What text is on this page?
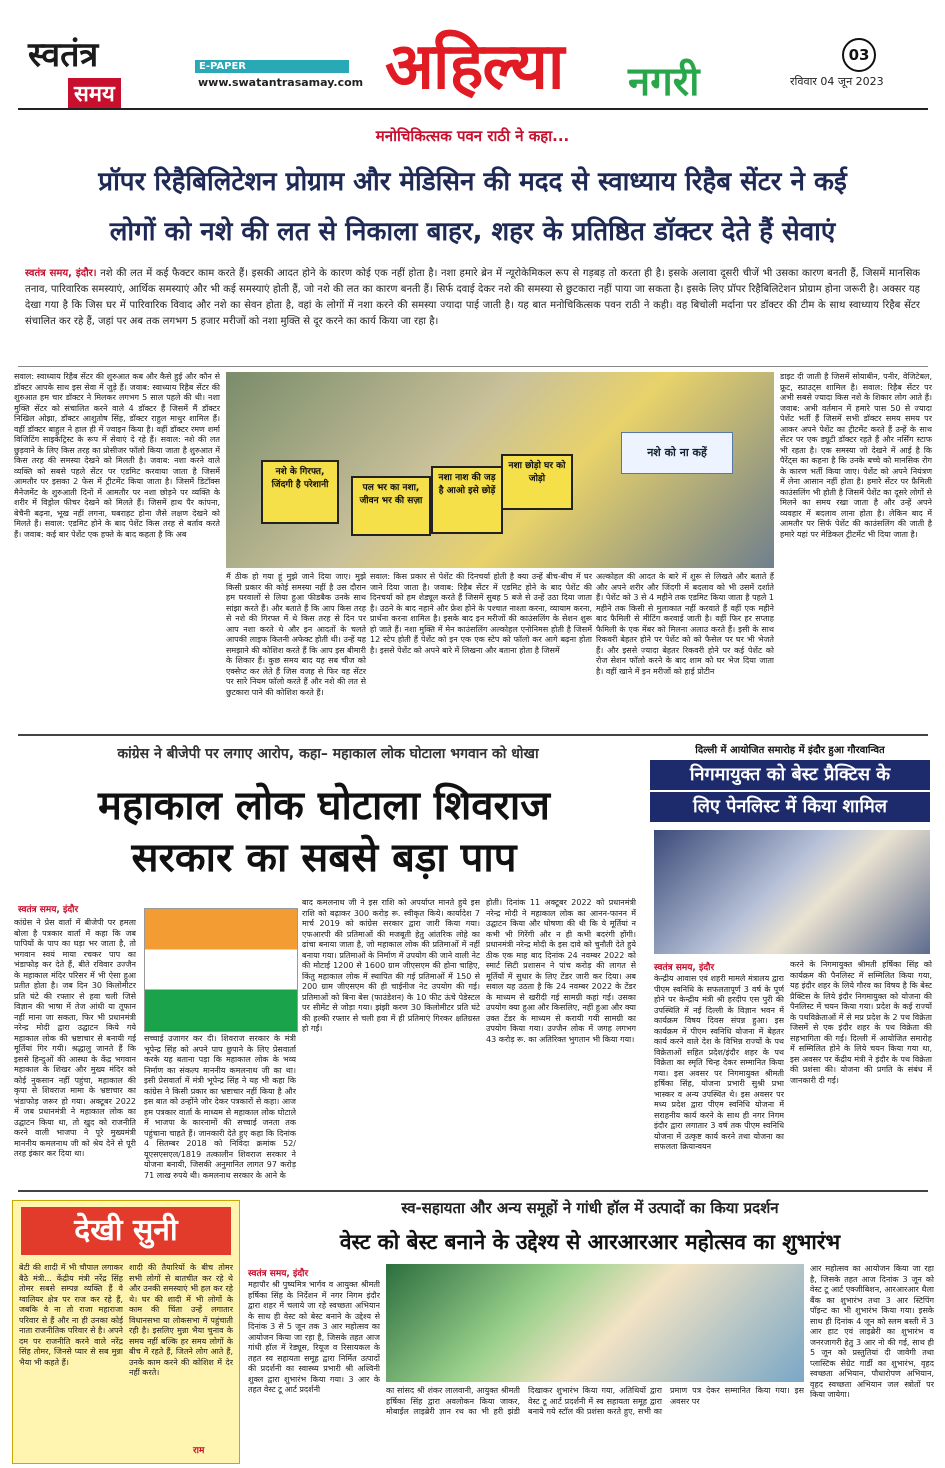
स्वतंत्र
समय
E-PAPER
www.swatantrasamay.com अहिल्या नगरी
03
रविवार 04 जून 2023
मनोचिकित्सक पवन राठी ने कहा...
प्रॉपर रिहैबिलिटेशन प्रोग्राम और मेडिसिन की मदद से स्वाध्याय रिहैब सेंटर ने कई
लोगों को नशे की लत से निकाला बाहर, शहर के प्रतिष्ठित डॉक्टर देते हैं सेवाएं
स्वतंत्र समय, इंदौर। नशे की लत में कई फैक्टर काम करते हैं। इसकी आदत होने के कारण कोई एक नहीं होता है। नशा हमारे ब्रेन में न्यूरोकेमिकल रूप से गड़बड़ तो करता ही है। इसके अलावा दूसरी चीजें भी उसका कारण बनती हैं, जिसमें मानसिक तनाव, पारिवारिक समस्याएं, आर्थिक समस्याएं और भी कई समस्याएं होती हैं, जो नशे की लत का कारण बनती हैं। सिर्फ दवाई देकर नशे की समस्या से छुटकारा नहीं पाया जा सकता है। इसके लिए प्रॉपर रिहैबिलिटेशन प्रोग्राम होना जरूरी है। अक्सर यह देखा गया है कि जिस घर में पारिवारिक विवाद और नशे का सेवन होता है, वहां के लोगों में नशा करने की समस्या ज्यादा पाई जाती है। यह बात मनोचिकित्सक पवन राठी ने कही। वह बिचोली मर्दाना पर डॉक्टर की टीम के साथ स्वाध्याय रिहैब सेंटर संचालित कर रहे हैं, जहां पर अब तक लगभग 5 हजार मरीजों को नशा मुक्ति से दूर करने का कार्य किया जा रहा है।
सवाल: स्वाध्याय रिहैब सेंटर की शुरुआत कब और कैसे हुई और कौन से डॉक्टर आपके साथ इस सेवा में जुड़े हैं। जवाब: स्वाध्याय रिहैब सेंटर की शुरुआत हम चार डॉक्टर ने मिलकर लगभग 5 साल पहले की थी। नशा मुक्ति सेंटर को संचालित करने वाले 4 डॉक्टर हैं जिसमें मैं डॉक्टर निखिल ओझा, डॉक्टर आशुतोष सिंह, डॉक्टर राहुल माथुर शामिल हैं। वहीं डॉक्टर बाहुल ने हाल ही में ज्वाइन किया है। वहीं डॉक्टर रमण शर्मा विजिटिंग साइकेट्रिस्ट के रूप में सेवाएं दे रहे हैं। सवाल: नशे की लत छुड़वाने के लिए किस तरह का प्रोसीजर फॉलो किया जाता है शुरुआत में किस तरह की समस्या देखने को मिलती है। जवाब: नशा करने वाले व्यक्ति को सबसे पहले सेंटर पर एडमिट करवाया जाता है जिसमें आमतौर पर इसका 2 फेस में ट्रीटमेंट किया जाता है। जिसमें डिटॉक्स मैनेजमेंट के शुरुआती दिनों में आमतौर पर नशा छोड़ने पर व्यक्ति के शरीर में विड्रोल फीचर देखने को मिलते हैं। जिसमें हाथ पैर कांपना, बेचैनी बढ़ना, भूख नहीं लगना, घबराहट होना जैसे लक्षण देखने को मिलते हैं। सवाल: एडमिट होने के बाद पेशेंट किस तरह से बर्ताव करते हैं। जवाब: कई बार पेशेंट एक हफ्ते के बाद कहता है कि अब
नशे के गिरफ्त, जिंदगी है परेशानी	पल भर का नशा, जीवन भर की सज़ा
नशा नाश की जड़ है आओ इसे छोड़ें
नशा छोड़ो घर को जोड़ो
नशे को ना कहें
मैं ठीक हो गया हूं मुझे जाने दिया जाए। मुझे किसी प्रकार की कोई समस्या नहीं है उस दौरान हम घरवालों से लिया हुआ फीडबैक उनके साथ सांझा करते हैं। और बताते हैं कि आप किस तरह से नशे की गिरफ्त में थे किस तरह से दिन पर आप नशा करते थे और इन आदतों के चलते आपकी लाइफ कितनी अफेक्ट होती थी। उन्हें यह समझाने की कोशिश करते हैं कि आप इस बीमारी के शिकार हैं। कुछ समय बाद यह सब चीज को एक्सेप्ट कर लेते हैं जिस वजह से फिर वह सेंटर पर सारे नियम फॉलो करते हैं और नशे की लत से छुटकारा पाने की कोशिश करते हैं।
सवाल: किस प्रकार से पेशेंट की दिनचर्या होती है क्या उन्हें बीच-बीच में घर जाने दिया जाता है। जवाब: रिहैब सेंटर में एडमिट होने के बाद पेशेंट की दिनचर्या को हम शेड्यूल करते हैं जिसमें सुबह 5 बजे से उन्हें उठा दिया जाता है। उठने के बाद नहाने और फ्रेश होने के पश्चात नाश्ता करना, व्यायाम करना, प्रार्थना करना शामिल है। इसके बाद इन मरीजों की काउंसलिंग के सेशन शुरू हो जाते हैं। नशा मुक्ति में मेन काउंसलिंग अल्कोहल एनोनिमस होती है जिसमें 12 स्टेप होती हैं पेशेंट को इन एक एक स्टेप को फॉलो कर आगे बढ़ना होता है। इससे पेशेंट को अपने बारे में लिखना और बताना होता है जिसमें
अल्कोहल की आदत के बारे में शुरू से लिखते और बताते हैं और अपने शरीर और जिंदगी में बदलाव को भी उसमें दर्शाते हैं। पेशेंट को 3 से 4 महीने तक एडमिट किया जाता है पहले 1 महीने तक किसी से मुलाकात नहीं करवाते हैं वहीं एक महीने बाद फैमिली से मीटिंग करवाई जाती है। वहीं फिर हर सप्ताह फैमिली के एक मेंबर को मिलना अलाउ करते हैं। इसी के साथ रिकवरी बेहतर होने पर पेशेंट को को फैसेल पर घर भी भेजते हैं। और इससे ज्यादा बेहतर रिकवरी होने पर कई पेशेंट को रोज सेशन फॉलो करने के बाद शाम को घर भेज दिया जाता है। वहीं खाने में इन मरीजों को हाई प्रोटीन
डाइट दी जाती है जिसमें सोयाबीन, पनीर, वेजिटेबल, फ्रूट, स्प्राउट्स शामिल है। सवाल: रिहैब सेंटर पर अभी सबसे ज्यादा किस नशे के शिकार लोग आते हैं। जवाब: अभी वर्तमान में हमारे पास 50 से ज्यादा पेशेंट भर्ती हैं जिसमें सभी डॉक्टर समय समय पर आकर अपने पेशेंट का ट्रीटमेंट करते हैं उन्हें के साथ सेंटर पर एक ड्यूटी डॉक्टर रहते हैं और नर्सिंग स्टाफ भी रहता है। एक समस्या जो देखने में आई है कि पैरेंट्स का कहना है कि उनके बच्चे को मानसिक रोग के कारण भर्ती किया जाए। पेशेंट को अपने नियंत्रण में लेना आसान नहीं होता है। हमारे सेंटर पर फ़ैमिली काउंसलिंग भी होती है जिसमें पेशेंट का दूसरे लोगों से मिलने का समय रखा जाता है और उन्हें अपने व्यवहार में बदलाव लाना होता है। लेकिन बाद में आमतौर पर सिर्फ पेशेंट की काउंसलिंग की जाती है हमारे यहां पर मेडिकल ट्रीटमेंट भी दिया जाता है।
कांग्रेस ने बीजेपी पर लगाए आरोप, कहा– महाकाल लोक घोटाला भगवान को धोखा
महाकाल लोक घोटाला शिवराज
सरकार का सबसे बड़ा पाप
स्वतंत्र समय, इंदौर
कांग्रेस ने प्रेस वार्ता में बीजेपी पर हमला बोला है पत्रकार वार्ता में कहा कि जब पापियों के पाप का घड़ा भर जाता है, तो भगवान स्वयं माया रचकर पाप का भंडाफोड़ कर देते हैं, बीते रविवार उज्जैन के महाकाल मंदिर परिसर में भी ऐसा हुआ प्रतीत होता है। जब दिन 30 किलोमीटर प्रति घंटे की रफ्तार से हवा चली जिसे विज्ञान की भाषा में तेज आंधी या तूफान नहीं माना जा सकता, फिर भी प्रधानमंत्री नरेन्द्र मोदी द्वारा उद्घाटन किये गये महाकाल लोक की भ्रष्टाचार से बनायी गई मूर्तियां गिर गयी। श्रद्धालु जानते हैं कि इससे हिन्दुओं की आस्था के केंद्र भगवान महाकाल के शिखर और मुख्य मंदिर को कोई नुकसान नहीं पहुंचा, महाकाल की कृपा से शिवराज मामा के भ्रष्टाचार का भंडाफोड़ जरूर हो गया। अक्टूबर 2022 में जब प्रधानमंत्री ने महाकाल लोक का उद्घाटन किया था, तो खुद को राजनीति करने वाली भाजपा ने पूरे मुख्यमंत्री माननीय कमलनाथ जी को श्रेय देने से पूरी तरह इंकार कर दिया था।
सच्चाई उजागर कर दी। शिवराज सरकार के मंत्री भूपेन्द्र सिंह को अपने पाप छुपाने के लिए प्रेसवार्ता करके यह बताना पड़ा कि महाकाल लोक के भव्य निर्माण का संकल्प माननीय कमलनाथ जी का था। इसी प्रेसवार्ता में मंत्री भूपेन्द्र सिंह ने यह भी कहा कि कांग्रेस ने किसी प्रकार का भ्रष्टाचार नहीं किया है और इस बात को उन्होंने जोर देकर पत्रकारों से कहा। आज हम पत्रकार वार्ता के माध्यम से महाकाल लोक घोटाले में भाजपा के कारनामों की सच्चाई जनता तक पहुंचाना चाहते हैं। जानकारी देते हुए कहा कि दिनांक 4 सितम्बर 2018 को निविदा क्रमांक 52/ यूएसएसएल/1819 तत्कालीन शिवराज सरकार ने योजना बनायी, जिसकी अनुमानित लागत 97 करोड़ 71 लाख रुपये थी। कमलनाथ सरकार के आने के
बाद कमलनाथ जी ने इस राशि को अपर्याप्त मानते हुये इस राशि को बढ़ाकर 300 करोड़ रू. स्वीकृत किये। कार्यादेश 7 मार्च 2019 को कांग्रेस सरकार द्वारा जारी किया गया। एफआरपी की प्रतिमाओं की मजबूती हेतु आंतरिक लोहे का ढांचा बनाया जाता है, जो महाकाल लोक की प्रतिमाओं में नहीं बनाया गया। प्रतिमाओं के निर्माण में उपयोग की जाने वाली नेट की मोटाई 1200 से 1600 ग्राम जीएसएम की होना चाहिए, किंतु महाकाल लोक में स्थापित की गई प्रतिमाओं में 150 से 200 ग्राम जीएसएम की ही चाईनीज नेट उपयोग की गई। प्रतिमाओं को बिना बेस (फाउंडेशन) के 10 फीट ऊंचे पेडेस्टल पर सीमेंट से जोड़ा गया। झंझी करण 30 किलोमीटर प्रति घंटे की हल्की रफ्तार से चली हवा में ही प्रतिमाएं गिरकर क्षतिग्रस्त हो गईं।
होती। दिनांक 11 अक्टूबर 2022 को प्रधानमंत्री नरेन्द्र मोदी ने महाकाल लोक का आनन-फानन में उद्घाटन किया और घोषणा की थी कि ये मूर्तियां न कभी भी गिरेंगी और न ही कभी बदरंगी होंगी। प्रधानमंत्री नरेन्द्र मोदी के इस दावे को चुनौती देते हुये ठीक एक माह बाद दिनांक 24 नवम्बर 2022 को स्मार्ट सिटी प्रशासन ने पांच करोड़ की लागत से मूर्तियों में सुधार के लिए टेंडर जारी कर दिया। अब सवाल यह उठता है कि 24 नवम्बर 2022 के टेंडर के माध्यम से खरीदी गई सामग्री कहां गई। उसका उपयोग क्या हुआ और किसलिए, नहीं हुआ और क्या उक्त टेंडर के माध्यम से करायी गयी सामग्री का उपयोग किया गया। उज्जैन लोक में जगह लगभग 43 करोड़ रू. का अतिरिक्त भुगतान भी किया गया।
दिल्ली में आयोजित समारोह में इंदौर हुआ गौरवान्वित
निगमायुक्त को बेस्ट प्रैक्टिस के
लिए पेनलिस्ट में किया शामिल
स्वतंत्र समय, इंदौर
केन्द्रीय आवास एवं शहरी मामले मंत्रालय द्वारा पीएम स्वनिधि के सफलतापूर्ण 3 वर्ष के पूर्ण होने पर केन्द्रीय मंत्री श्री हरदीप एस पुरी की उपस्थिति में नई दिल्ली के विज्ञान भवन में कार्यक्रम विषय दिवस संपन्न हुआ। इस कार्यक्रम में पीएम स्वनिधि योजना में बेहतर कार्य करने वाले देश के विभिन्न राज्यों के पथ विक्रेताओं सहित प्रदेश/इंदौर शहर के पथ विक्रेता का स्मृति चिन्ह देकर सम्मानित किया गया। इस अवसर पर निगमायुक्त श्रीमती हर्षिका सिंह, योजना प्रभारी सुश्री प्रभा भास्कर व अन्य उपस्थित थे। इस अवसर पर मध्य प्रदेश द्वारा पीएम स्वनिधि योजना में सराहनीय कार्य करने के साथ ही नगर निगम इंदौर द्वारा लगातार 3 वर्ष तक पीएम स्वनिधि योजना में उत्कृष्ट कार्य करने तथा योजना का सफलता क्रियान्वयन
करने के निगमायुक्त श्रीमती हर्षिका सिंह को कार्यक्रम की पैनलिस्ट में सम्मिलित किया गया, यह इंदौर शहर के लिये गौरव का विषय है कि बेस्ट प्रैक्टिस के लिये इंदौर निगमायुक्त को योजना की पैनलिस्ट में चयन किया गया। प्रदेश के कई राज्यों के पथविक्रेताओं में से मप्र प्रदेश के 2 पथ विक्रेता जिसमें से एक इंदौर शहर के पथ विक्रेता की सहभागिता की गई। दिल्ली में आयोजित समारोह में सम्मिलित होने के लिये चयन किया गया था, इस अवसर पर केंद्रीय मंत्री ने इंदौर के पथ विक्रेता की प्रशंसा की। योजना की प्रगति के संबंध में जानकारी दी गई।
देखी सुनी
बेटी की शादी में भी चौपाल लगाकर बैठे मंत्री... केंद्रीय मंत्री नरेंद्र सिंह तोमर सबसे सम्पन्न व्यक्ति हैं वे ग्वालियर क्षेत्र पर राज कर रहे हैं, जबकि वे ना तो राजा महाराजा परिवार से हैं और ना ही उनका कोई नाता राजनीतिक परिवार से है। अपने दम पर राजनीति करने वाले नरेंद्र सिंह तोमर, जिनसे प्यार से सब मुन्ना भैया भी कहते हैं।
शादी की तैयारियों के बीच तोमर सभी लोगों से बातचीत कर रहे थे और उनकी समस्याएं भी हल कर रहे थे। घर की शादी में भी लोगों के काम की चिंता उन्हें लगातार विधानसभा या लोकसभा में पहुंचाती रही है। इसलिए मुन्ना भैया चुनाव के समय नहीं बल्कि हर समय लोगों के बीच में रहते हैं, जितने लोग आते हैं, उनके काम करने की कोशिश में देर नहीं करते।
राम
स्व-सहायता और अन्य समूहों ने गांधी हॉल में उत्पादों का किया प्रदर्शन
वेस्ट को बेस्ट बनाने के उद्देश्य से आरआरआर महोत्सव का शुभारंभ
स्वतंत्र समय, इंदौर
महापौर श्री पुष्यमित्र भार्गव व आयुक्त श्रीमती हर्षिका सिंह के निर्देशन में नगर निगम इंदौर द्वारा शहर में चलाये जा रहे स्वच्छता अभियान के साथ ही वेस्ट को बेस्ट बनाने के उद्देश्य से दिनांक 3 से 5 जून तक 3 आर महोत्सव का आयोजन किया जा रहा है, जिसके तहत आज गांधी हॉल में रेड्यूस, रियूज व रिसायकल के तहत स्व सहायता समूह द्वारा निर्मित उत्पादों की प्रदर्शनी का स्वास्थ्य प्रभारी श्री अश्विनी शुक्ल द्वारा शुभारंभ किया गया। 3 आर के तहत वेस्ट टू आर्ट प्रदर्शनी	का सांसद श्री शंकर लालवानी, आयुक्त श्रीमती हर्षिका सिंह द्वारा अवलोकन किया जाकर, मोबाईल लाइब्रेरी ज्ञान रथ का भी हरी झंडी दिखाकर शुभारंभ किया गया, अतिथियों द्वारा वेस्ट टू आर्ट प्रदर्शनी में स्व सहायता समूह द्वारा बनाये गये स्टॉल की प्रशंसा करते हुए, सभी का प्रमाण पत्र देकर सम्मानित किया गया। इस अवसर पर
आर महोत्सव का आयोजन किया जा रहा है, जिसके तहत आज दिनांक 3 जून को वेस्ट टू आर्ट एक्जीबिशन, आरआरआर थैला बैंक का शुभारंभ तथा 3 आर स्टिपिंग पॉइन्ट का भी शुभारंभ किया गया। इसके साथ ही दिनांक 4 जून को स्लम बस्ती में 3 आर हाट एवं लाइब्रेरी का शुभारंभ व जनरजागरी हेतु 3 आर नो की गई, साथ ही 5 जून को प्रस्तुतियां दी जावेगी तथा प्लास्टिक सेग्रेट गार्डी का शुभारंभ, वृहद स्वच्छता अभियान, पौधारोपण अभियान, वृहद स्वच्छता अभियान जल स्त्रोतों पर किया जायेगा।
